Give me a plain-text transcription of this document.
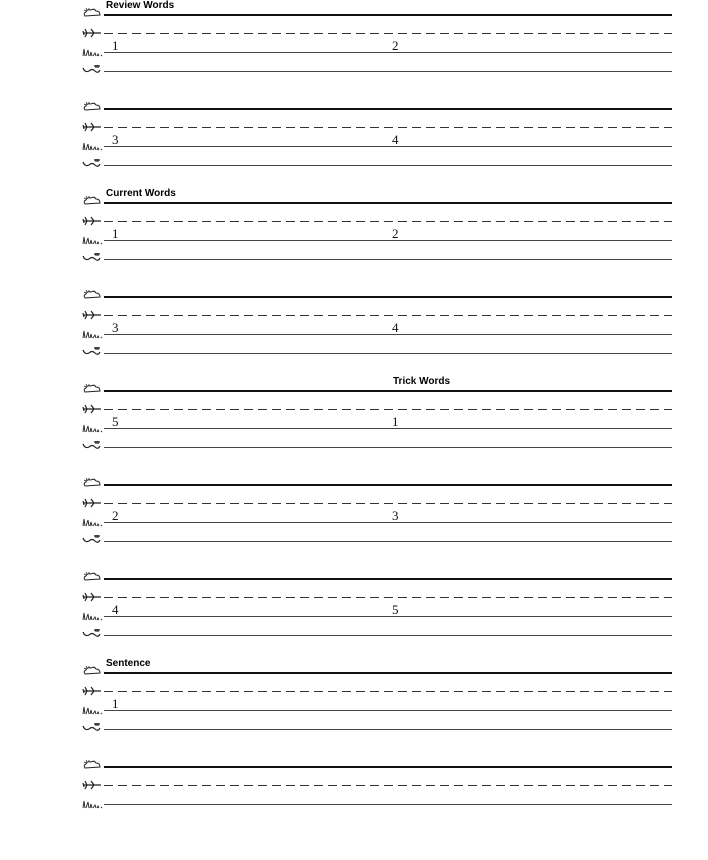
Review Words
1	2
3	4
Current Words
1	2
3	4
Trick Words
5	1
2	3
4	5
Sentence
1
